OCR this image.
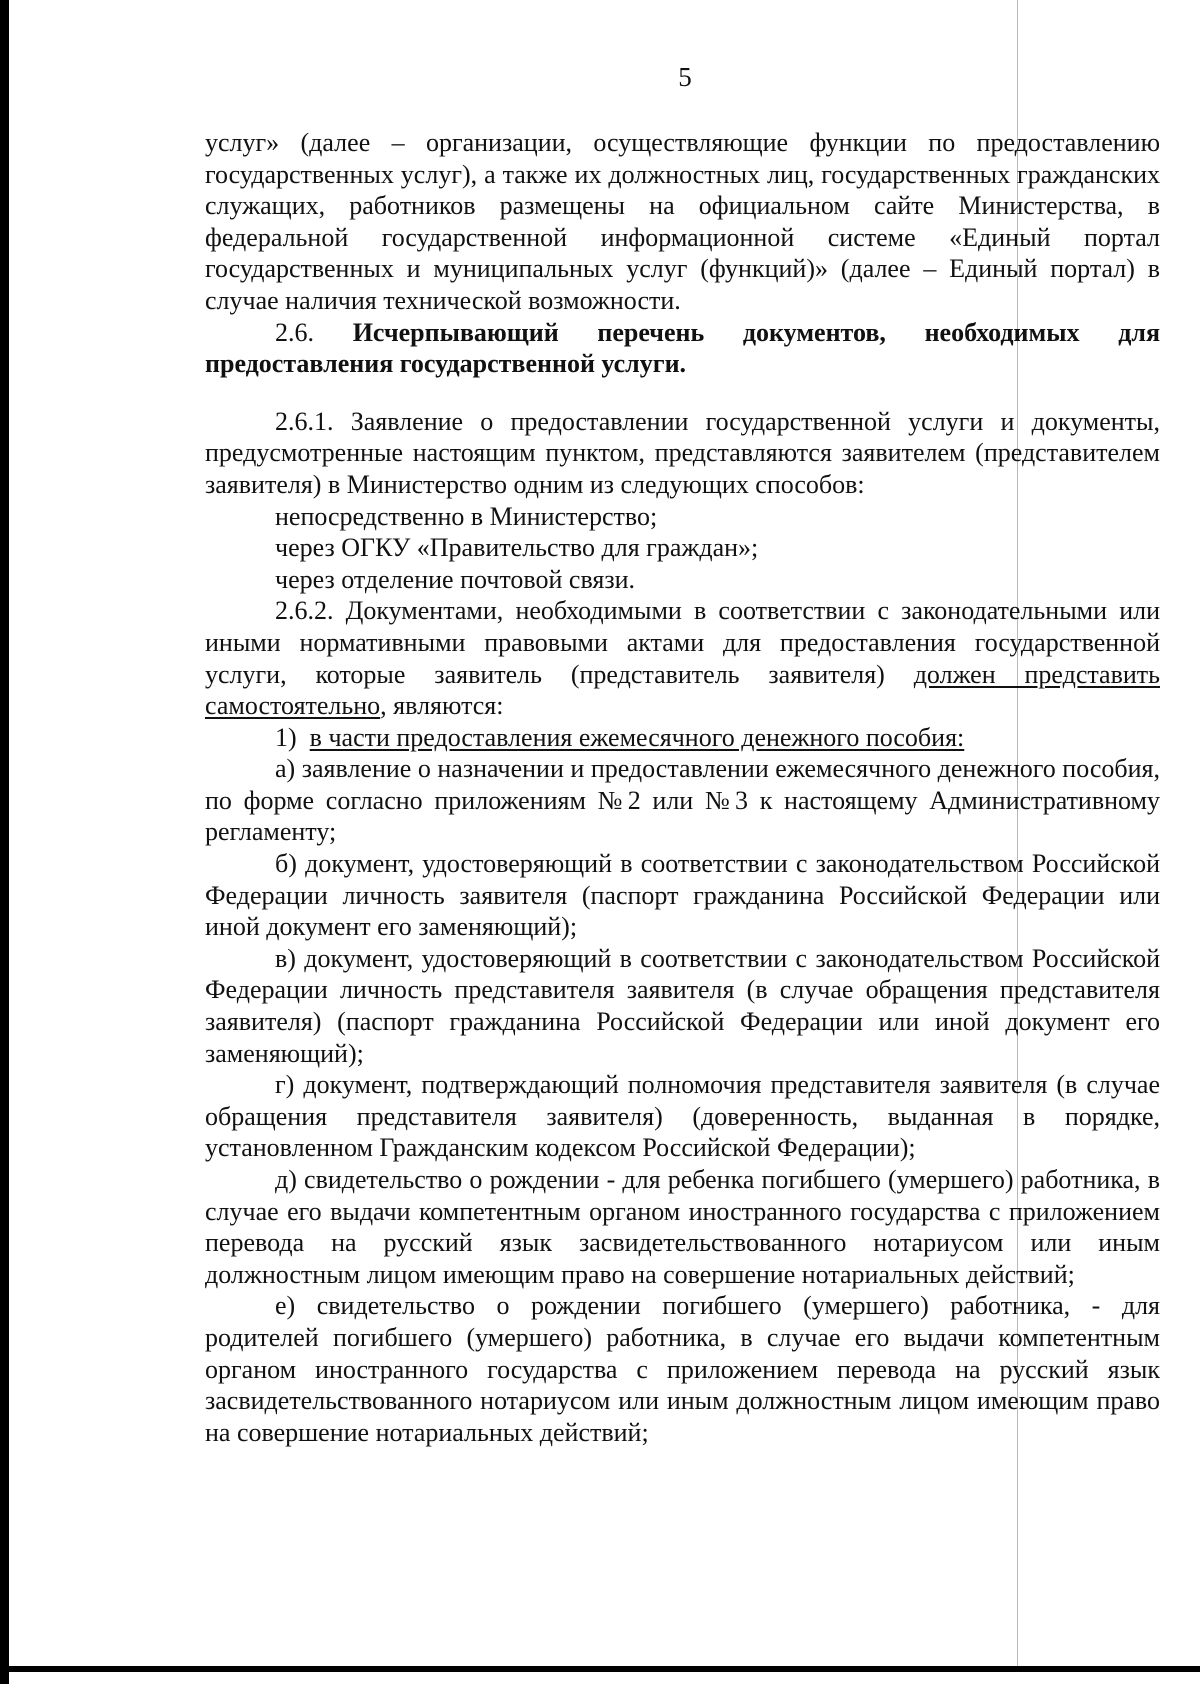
5

услуг» (далее – организации, осуществляющие функции по предоставлению государственных услуг), а также их должностных лиц, государственных гражданских служащих, работников размещены на официальном сайте Министерства, в федеральной государственной информационной системе «Единый портал государственных и муниципальных услуг (функций)» (далее – Единый портал) в случае наличия технической возможности.

2.6. Исчерпывающий перечень документов, необходимых для предоставления государственной услуги.

2.6.1. Заявление о предоставлении государственной услуги и документы, предусмотренные настоящим пунктом, представляются заявителем (представителем заявителя) в Министерство одним из следующих способов:

непосредственно в Министерство;

через ОГКУ «Правительство для граждан»;

через отделение почтовой связи.

2.6.2. Документами, необходимыми в соответствии с законодательными или иными нормативными правовыми актами для предоставления государственной услуги, которые заявитель (представитель заявителя) должен представить самостоятельно, являются:

1) в части предоставления ежемесячного денежного пособия:

а) заявление о назначении и предоставлении ежемесячного денежного пособия, по форме согласно приложениям №2 или №3 к настоящему Административному регламенту;

б) документ, удостоверяющий в соответствии с законодательством Российской Федерации личность заявителя (паспорт гражданина Российской Федерации или иной документ его заменяющий);

в) документ, удостоверяющий в соответствии с законодательством Российской Федерации личность представителя заявителя (в случае обращения представителя заявителя) (паспорт гражданина Российской Федерации или иной документ его заменяющий);

г) документ, подтверждающий полномочия представителя заявителя (в случае обращения представителя заявителя) (доверенность, выданная в порядке, установленном Гражданским кодексом Российской Федерации);

д) свидетельство о рождении - для ребенка погибшего (умершего) работника, в случае его выдачи компетентным органом иностранного государства с приложением перевода на русский язык засвидетельствованного нотариусом или иным должностным лицом имеющим право на совершение нотариальных действий;

е) свидетельство о рождении погибшего (умершего) работника, - для родителей погибшего (умершего) работника, в случае его выдачи компетентным органом иностранного государства с приложением перевода на русский язык засвидетельствованного нотариусом или иным должностным лицом имеющим право на совершение нотариальных действий;
